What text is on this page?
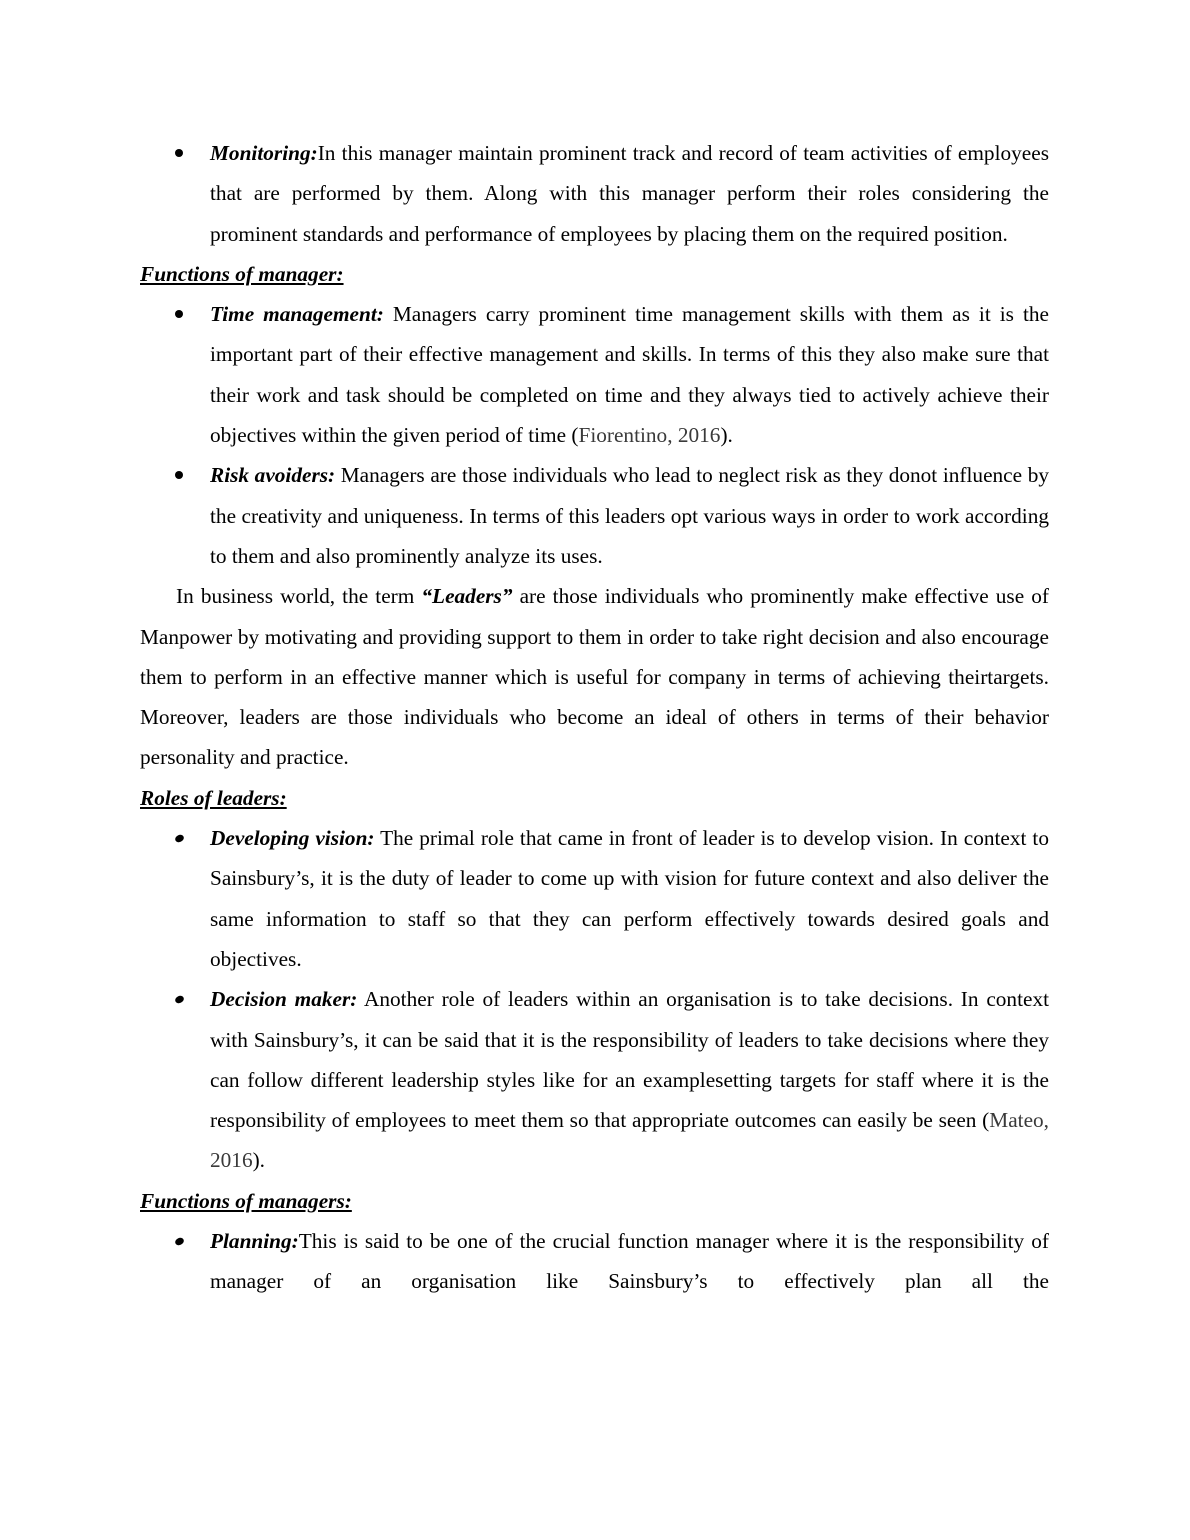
Monitoring:In this manager maintain prominent track and record of team activities of employees that are performed by them. Along with this manager perform their roles considering the prominent standards and performance of employees by placing them on the required position.
Functions of manager:
Time management: Managers carry prominent time management skills with them as it is the important part of their effective management and skills. In terms of this they also make sure that their work and task should be completed on time and they always tied to actively achieve their objectives within the given period of time (Fiorentino, 2016).
Risk avoiders: Managers are those individuals who lead to neglect risk as they donot influence by the creativity and uniqueness. In terms of this leaders opt various ways in order to work according to them and also prominently analyze its uses.

In business world, the term “Leaders” are those individuals who prominently make effective use of Manpower by motivating and providing support to them in order to take right decision and also encourage them to perform in an effective manner which is useful for company in terms of achieving theirtargets. Moreover, leaders are those individuals who become an ideal of others in terms of their behavior personality and practice.

Roles of leaders:
Developing vision: The primal role that came in front of leader is to develop vision. In context to Sainsbury’s, it is the duty of leader to come up with vision for future context and also deliver the same information to staff so that they can perform effectively towards desired goals and objectives.
Decision maker: Another role of leaders within an organisation is to take decisions. In context with Sainsbury’s, it can be said that it is the responsibility of leaders to take decisions where they can follow different leadership styles like for an examplesetting targets for staff where it is the responsibility of employees to meet them so that appropriate outcomes can easily be seen (Mateo, 2016).
Functions of managers:
Planning:This is said to be one of the crucial function manager where it is the responsibility of manager of an organisation like Sainsbury’s to effectively plan all the
